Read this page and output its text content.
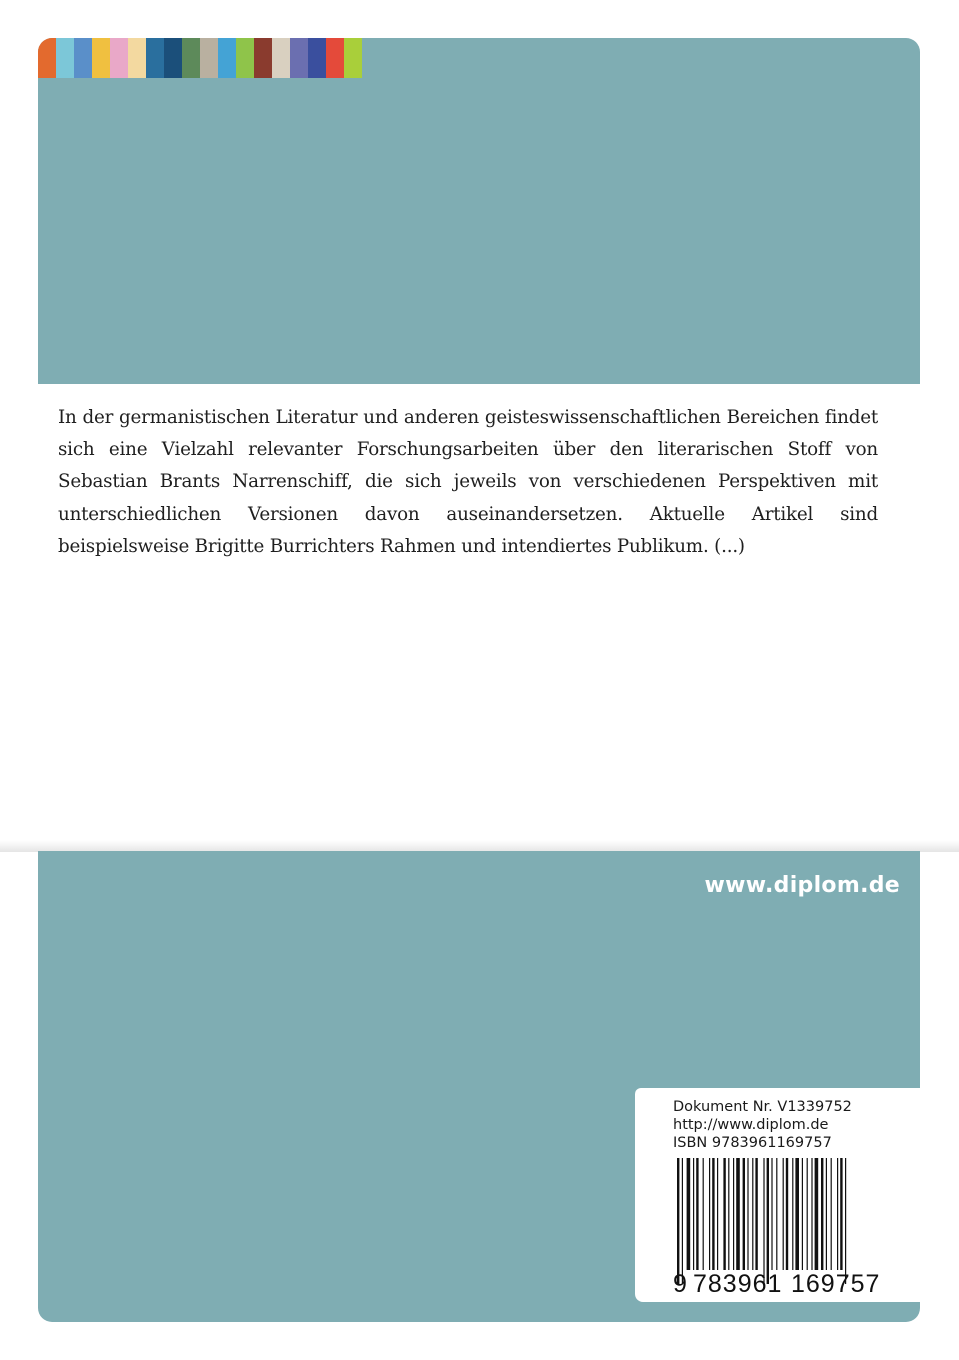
In der germanistischen Literatur und anderen geisteswissenschaftlichen Bereichen findet sich eine Vielzahl relevanter Forschungsarbeiten über den literarischen Stoff von Sebastian Brants Narrenschiff, die sich jeweils von verschiedenen Perspektiven mit unterschiedlichen Versionen davon auseinandersetzen. Aktuelle Artikel sind beispielsweise Brigitte Burrichters Rahmen und intendiertes Publikum. (...)

www.diplom.de
Dokument Nr. V1339752
http://www.diplom.de
ISBN 9783961169757
9 783961 169757
